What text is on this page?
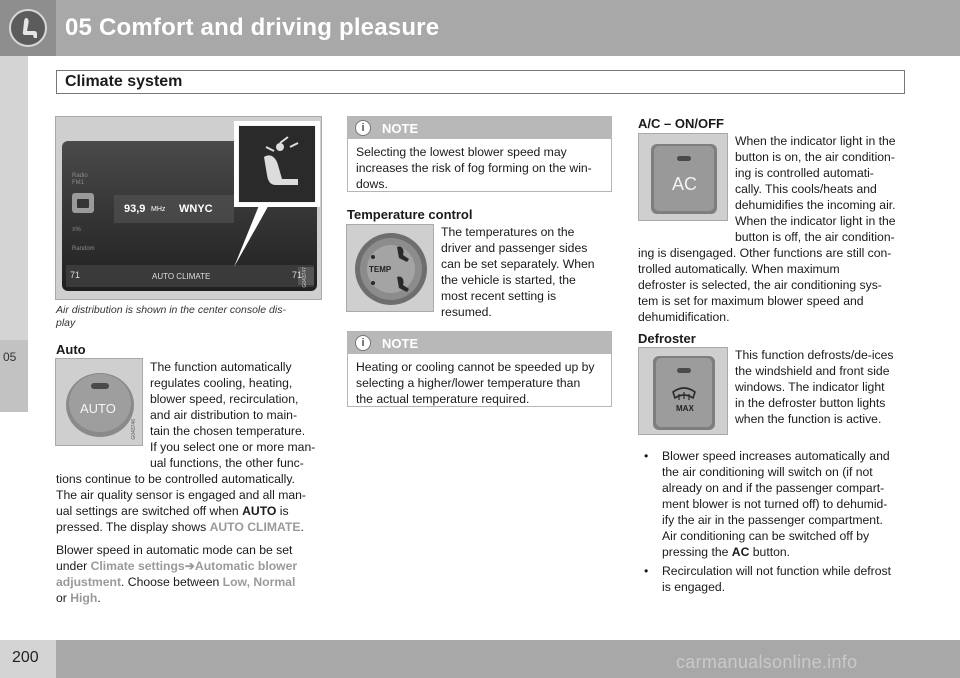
05 Comfort and driving pleasure
Climate system
05
Radio
FM1
93,9 MHz WNYC
≡%
Random
71	AUTO CLIMATE	71 G043747
Air distribution is shown in the center console dis-
play
Auto
AUTO
G043746
The function automatically
regulates cooling, heating,
blower speed, recirculation,
and air distribution to main-
tain the chosen temperature.
If you select one or more man-
ual functions, the other func-
tions continue to be controlled automatically.
The air quality sensor is engaged and all man-
ual settings are switched off when AUTO is
pressed. The display shows AUTO CLIMATE.
Blower speed in automatic mode can be set
under Climate settings➔Automatic blower
adjustment. Choose between Low, Normal
or High.
i	NOTE
Selecting the lowest blower speed may
increases the risk of fog forming on the win-
dows.
Temperature control
TEMP
The temperatures on the
driver and passenger sides
can be set separately. When
the vehicle is started, the
most recent setting is
resumed.
i	NOTE
Heating or cooling cannot be speeded up by
selecting a higher/lower temperature than
the actual temperature required.
A/C – ON/OFF
AC
When the indicator light in the
button is on, the air condition-
ing is controlled automati-
cally. This cools/heats and
dehumidifies the incoming air.
When the indicator light in the
button is off, the air condition-
ing is disengaged. Other functions are still con-
trolled automatically. When maximum
defroster is selected, the air conditioning sys-
tem is set for maximum blower speed and
dehumidification.
Defroster
MAX
This function defrosts/de-ices
the windshield and front side
windows. The indicator light
in the defroster button lights
when the function is active.
• Blower speed increases automatically and
the air conditioning will switch on (if not
already on and if the passenger compart-
ment blower is not turned off) to dehumid-
ify the air in the passenger compartment.
Air conditioning can be switched off by
pressing the AC button.
• Recirculation will not function while defrost
is engaged.
200	carmanualsonline.info
